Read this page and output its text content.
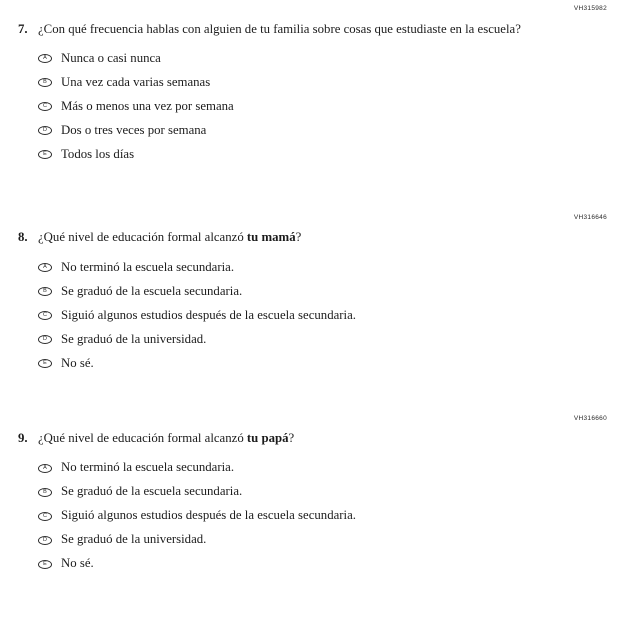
VH315982
7. ¿Con qué frecuencia hablas con alguien de tu familia sobre cosas que estudiaste en la escuela?
A	Nunca o casi nunca
B	Una vez cada varias semanas
C	Más o menos una vez por semana
D	Dos o tres veces por semana
E	Todos los días
VH316646
8. ¿Qué nivel de educación formal alcanzó tu mamá?
A	No terminó la escuela secundaria.
B	Se graduó de la escuela secundaria.
C	Siguió algunos estudios después de la escuela secundaria.
D	Se graduó de la universidad.
E	No sé.
VH316660
9. ¿Qué nivel de educación formal alcanzó tu papá?
A	No terminó la escuela secundaria.
B	Se graduó de la escuela secundaria.
C	Siguió algunos estudios después de la escuela secundaria.
D	Se graduó de la universidad.
E	No sé.
